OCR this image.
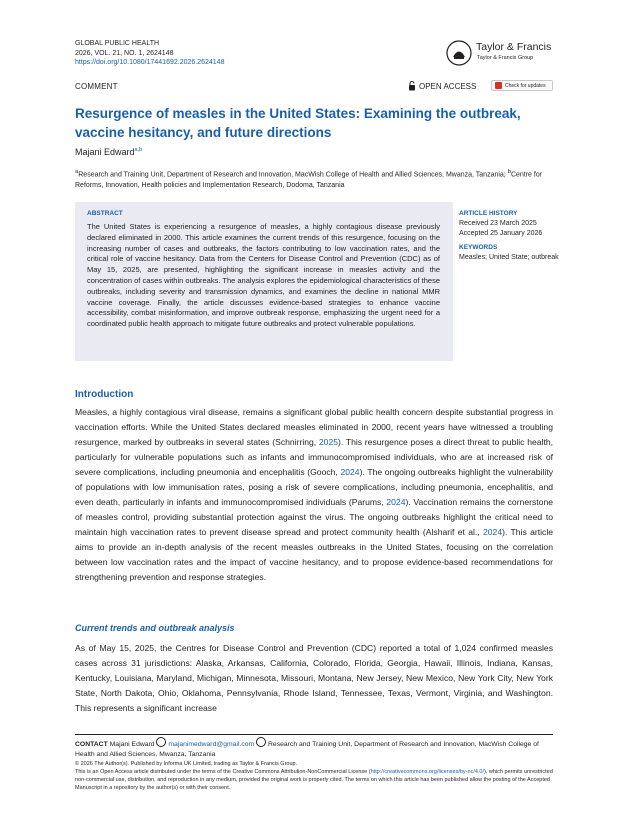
GLOBAL PUBLIC HEALTH
2026, VOL. 21, NO. 1, 2624148
https://doi.org/10.1080/17441692.2026.2624148
Taylor & Francis
Taylor & Francis Group
COMMENT	OPEN ACCESS	Check for updates
Resurgence of measles in the United States: Examining the outbreak, vaccine hesitancy, and future directions
Majani Edward$^{a,b}$
$^a$Research and Training Unit, Department of Research and Innovation, MacWish College of Health and Allied Sciences, Mwanza, Tanzania; $^b$Centre for Reforms, Innovation, Health policies and Implementation Research, Dodoma, Tanzania
ABSTRACT
The United States is experiencing a resurgence of measles, a highly contagious disease previously declared eliminated in 2000. This article examines the current trends of this resurgence, focusing on the increasing number of cases and outbreaks, the factors contributing to low vaccination rates, and the critical role of vaccine hesitancy. Data from the Centers for Disease Control and Prevention (CDC) as of May 15, 2025, are presented, highlighting the significant increase in measles activity and the concentration of cases within outbreaks. The analysis explores the epidemiological characteristics of these outbreaks, including severity and transmission dynamics, and examines the decline in national MMR vaccine coverage. Finally, the article discusses evidence-based strategies to enhance vaccine accessibility, combat misinformation, and improve outbreak response, emphasizing the urgent need for a coordinated public health approach to mitigate future outbreaks and protect vulnerable populations.
ARTICLE HISTORY
Received 23 March 2025
Accepted 25 January 2026
KEYWORDS
Measles; United State; outbreak
Introduction
Measles, a highly contagious viral disease, remains a significant global public health concern despite substantial progress in vaccination efforts. While the United States declared measles eliminated in 2000, recent years have witnessed a troubling resurgence, marked by outbreaks in several states (Schnirring, 2025). This resurgence poses a direct threat to public health, particularly for vulnerable populations such as infants and immunocompromised individuals, who are at increased risk of severe complications, including pneumonia and encephalitis (Gooch, 2024). The ongoing outbreaks highlight the vulnerability of populations with low immunisation rates, posing a risk of severe complications, including pneumonia, encephalitis, and even death, particularly in infants and immunocompromised individuals (Parums, 2024). Vaccination remains the cornerstone of measles control, providing substantial protection against the virus. The ongoing outbreaks highlight the critical need to maintain high vaccination rates to prevent disease spread and protect community health (Alsharif et al., 2024). This article aims to provide an in-depth analysis of the recent measles outbreaks in the United States, focusing on the correlation between low vaccination rates and the impact of vaccine hesitancy, and to propose evidence-based recommendations for strengthening prevention and response strategies.
Current trends and outbreak analysis
As of May 15, 2025, the Centres for Disease Control and Prevention (CDC) reported a total of 1,024 confirmed measles cases across 31 jurisdictions: Alaska, Arkansas, California, Colorado, Florida, Georgia, Hawaii, Illinois, Indiana, Kansas, Kentucky, Louisiana, Maryland, Michigan, Minnesota, Missouri, Montana, New Jersey, New Mexico, New York City, New York State, North Dakota, Ohio, Oklahoma, Pennsylvania, Rhode Island, Tennessee, Texas, Vermont, Virginia, and Washington. This represents a significant increase
CONTACT Majani Edward majanimedward@gmail.com Research and Training Unit, Department of Research and Innovation, MacWish College of Health and Allied Sciences, Mwanza, Tanzania
© 2026 The Author(s). Published by Informa UK Limited, trading as Taylor & Francis Group.
This is an Open Access article distributed under the terms of the Creative Commons Attribution-NonCommercial License (http://creativecommons.org/licenses/by-nc/4.0/), which permits unrestricted non-commercial use, distribution, and reproduction in any medium, provided the original work is properly cited. The terms on which this article has been published allow the posting of the Accepted Manuscript in a repository by the author(s) or with their consent.
